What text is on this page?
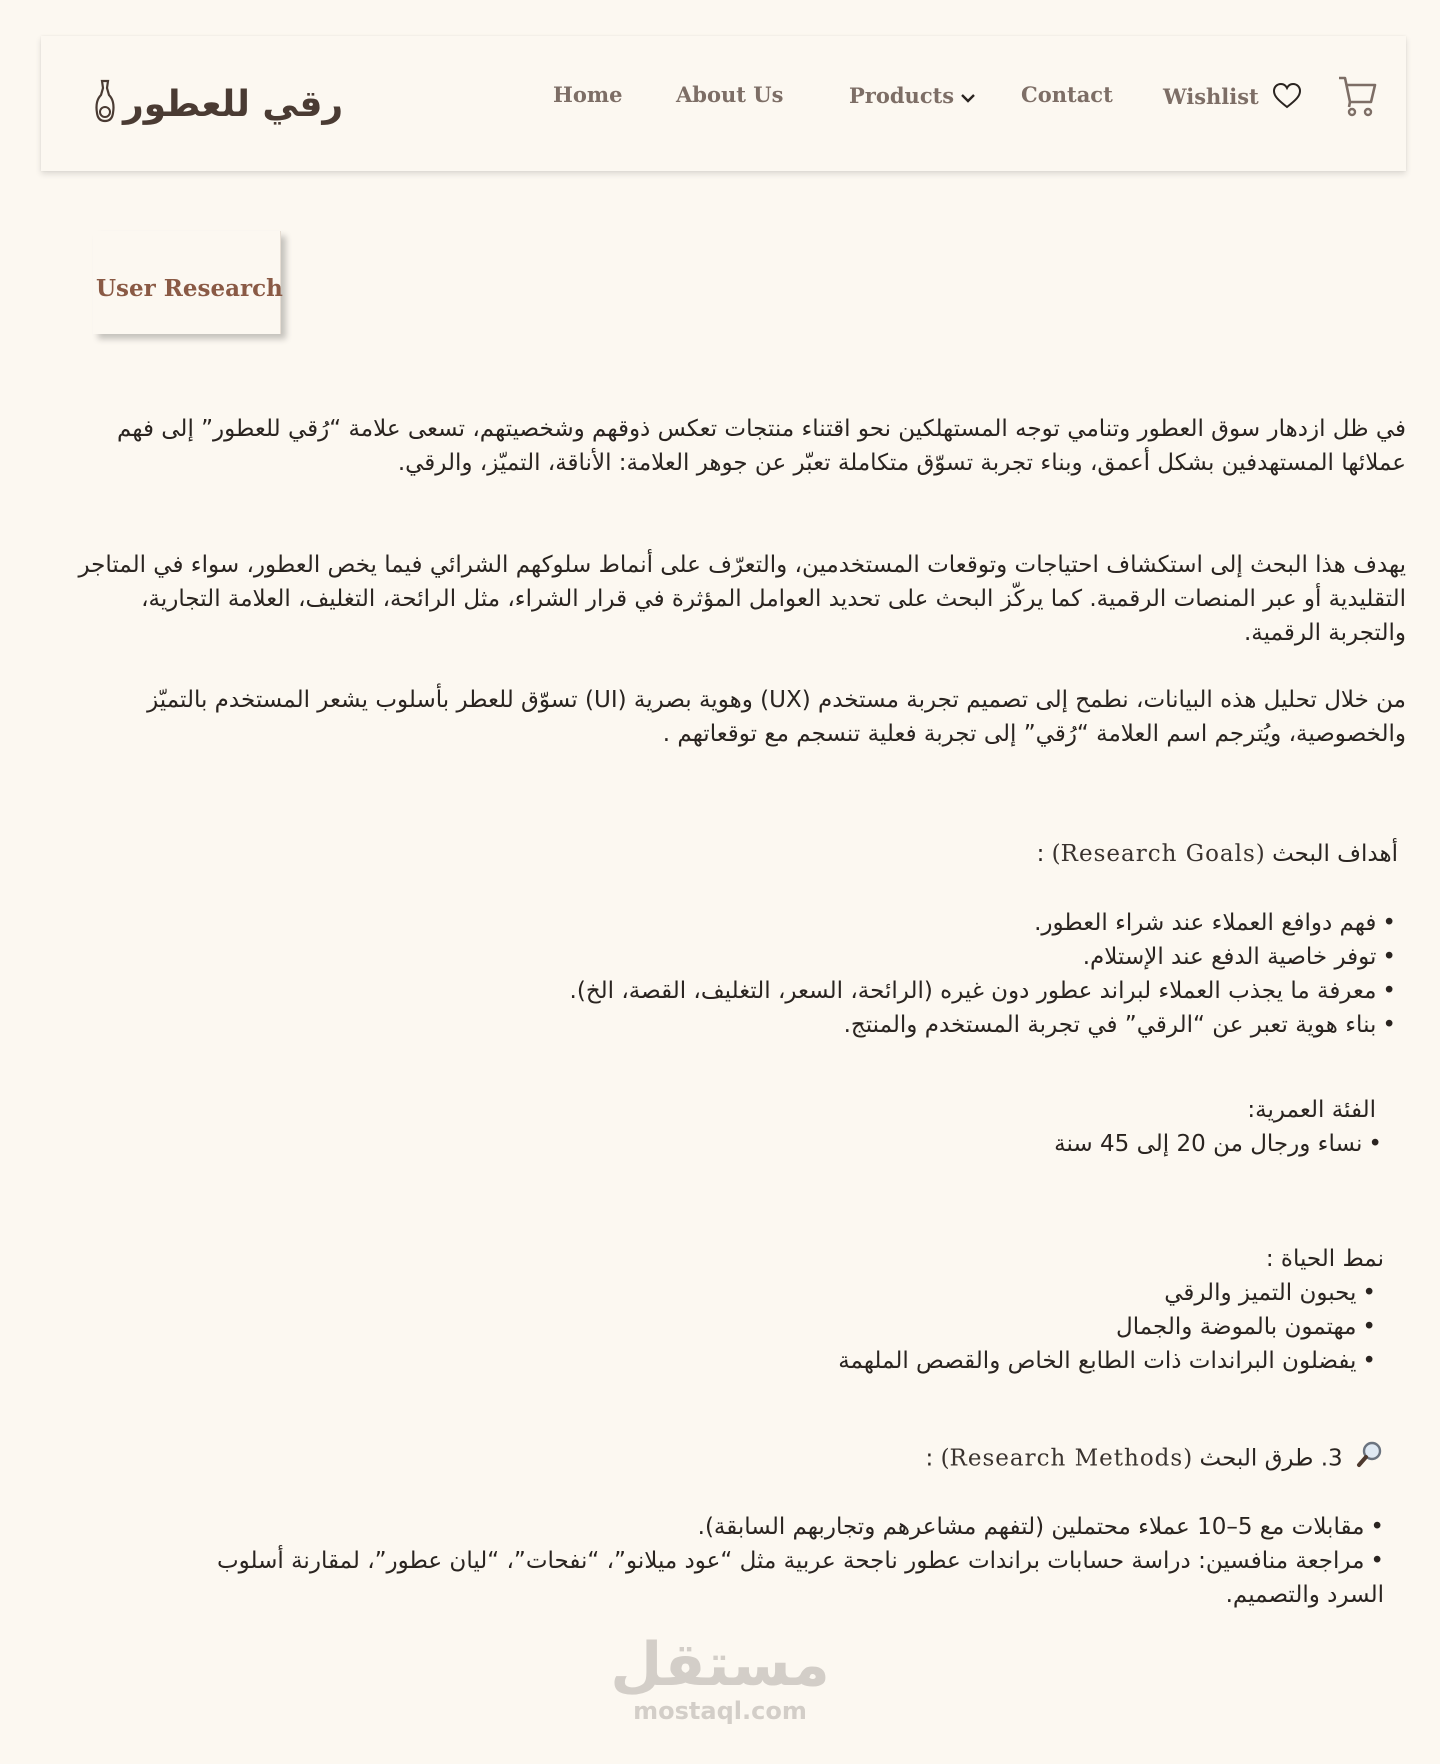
رقي للعطور	Home	About Us	Products	Contact Wishlist
User Research

في ظل ازدهار سوق العطور وتنامي توجه المستهلكين نحو اقتناء منتجات تعكس ذوقهم وشخصيتهم، تسعى علامة “رُقي للعطور” إلى فهم عملائها المستهدفين بشكل أعمق، وبناء تجربة تسوّق متكاملة تعبّر عن جوهر العلامة: الأناقة، التميّز، والرقي.

يهدف هذا البحث إلى استكشاف احتياجات وتوقعات المستخدمين، والتعرّف على أنماط سلوكهم الشرائي فيما يخص العطور، سواء في المتاجر التقليدية أو عبر المنصات الرقمية. كما يركّز البحث على تحديد العوامل المؤثرة في قرار الشراء، مثل الرائحة، التغليف، العلامة التجارية، والتجربة الرقمية.

من خلال تحليل هذه البيانات، نطمح إلى تصميم تجربة مستخدم (UX) وهوية بصرية (UI) تسوّق للعطر بأسلوب يشعر المستخدم بالتميّز والخصوصية، ويُترجم اسم العلامة “رُقي” إلى تجربة فعلية تنسجم مع توقعاتهم .

أهداف البحث (Research Goals) :
•فهم دوافع العملاء عند شراء العطور.
•توفر خاصية الدفع عند الإستلام.
•معرفة ما يجذب العملاء لبراند عطور دون غيره (الرائحة، السعر، التغليف، القصة، الخ).
•بناء هوية تعبر عن “الرقي” في تجربة المستخدم والمنتج.
الفئة العمرية:
•نساء ورجال من 20 إلى 45 سنة
نمط الحياة :
•يحبون التميز والرقي
•مهتمون بالموضة والجمال
•يفضلون البراندات ذات الطابع الخاص والقصص الملهمة
3. طرق البحث (Research Methods) :
•مقابلات مع 5–10 عملاء محتملين (لتفهم مشاعرهم وتجاربهم السابقة).
•مراجعة منافسين: دراسة حسابات براندات عطور ناجحة عربية مثل “عود ميلانو”، “نفحات”، “ليان عطور”، لمقارنة أسلوب السرد والتصميم.
مستقل
mostaql.com
